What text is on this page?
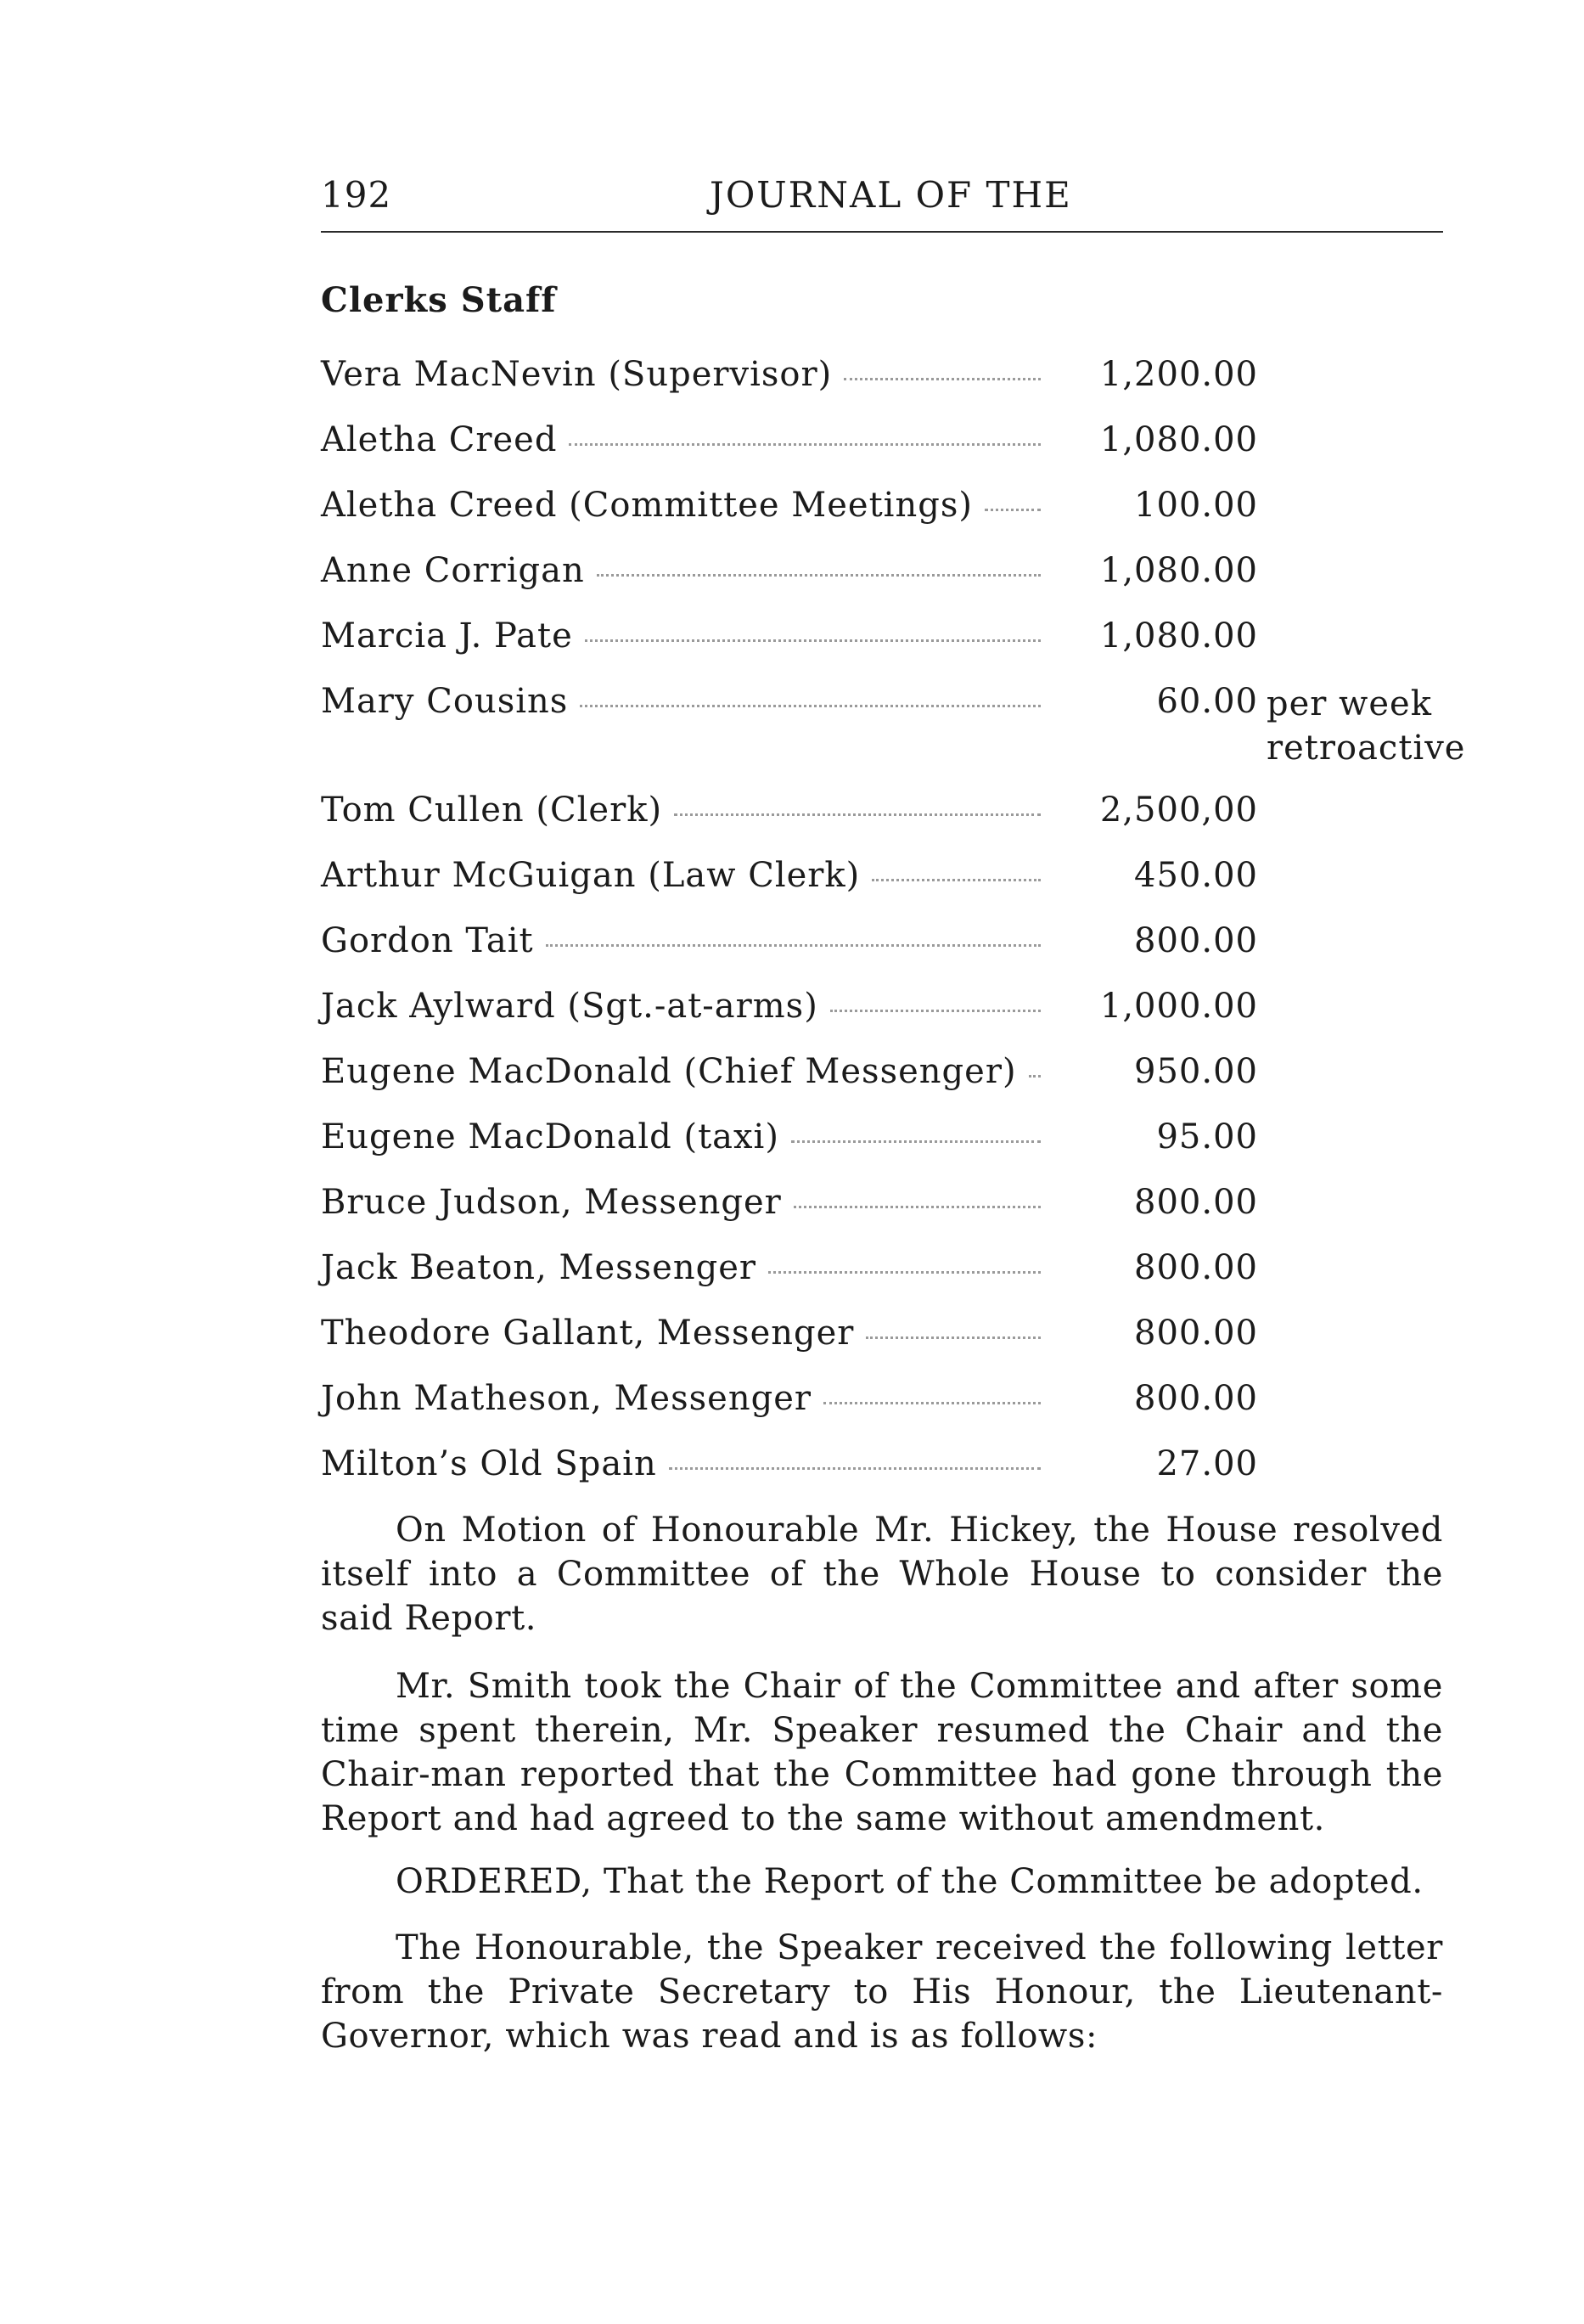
192	JOURNAL OF THE
Clerks Staff
Vera MacNevin (Supervisor)	1,200.00
Aletha Creed	1,080.00
Aletha Creed (Committee Meetings)	100.00
Anne Corrigan	1,080.00
Marcia J. Pate	1,080.00
Mary Cousins	60.00 per week
retroactive
Tom Cullen (Clerk)	2,500,00
Arthur McGuigan (Law Clerk)	450.00
Gordon Tait	800.00
Jack Aylward (Sgt.-at-arms)	1,000.00
Eugene MacDonald (Chief Messenger)	950.00
Eugene MacDonald (taxi)	95.00
Bruce Judson, Messenger	800.00
Jack Beaton, Messenger	800.00
Theodore Gallant, Messenger	800.00
John Matheson, Messenger	800.00
Milton’s Old Spain	27.00

On Motion of Honourable Mr. Hickey, the House resolved itself into a Committee of the Whole House to consider the said Report.

Mr. Smith took the Chair of the Committee and after some time spent therein, Mr. Speaker resumed the Chair and the Chair-man reported that the Committee had gone through the Report and had agreed to the same without amendment.

ORDERED, That the Report of the Committee be adopted.

The Honourable, the Speaker received the following letter from the Private Secretary to His Honour, the Lieutenant-Governor, which was read and is as follows:
